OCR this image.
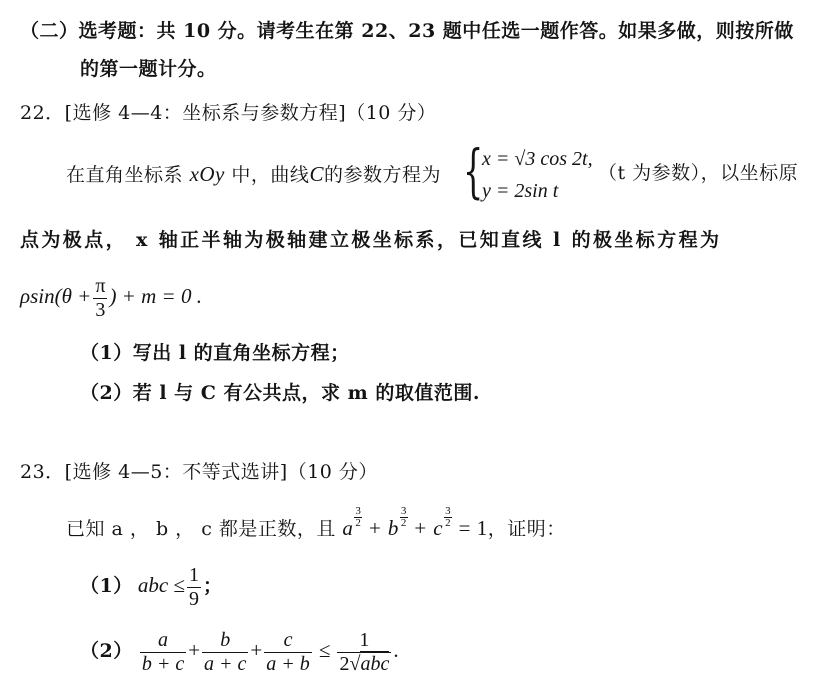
（二）选考题：共 10 分。请考生在第 22、23 题中任选一题作答。如果多做，则按所做
的第一题计分。
22．[选修 4—4：坐标系与参数方程]（10 分）
在直角坐标系 xOy 中，曲线C的参数方程为 {
x = √3 cos 2t,
y = 2sin t
（t 为参数），以坐标原
点为极点， x 轴正半轴为极轴建立极坐标系，已知直线 l 的极坐标方程为
$\rho\sin(\theta + \frac{\pi}{3}$ ) + m = 0 .
（1）写出 l 的直角坐标方程；
（2）若 l 与 C 有公共点，求 m 的取值范围.
23．[选修 4—5：不等式选讲]（10 分）
已知 a ， b ， c 都是正数，且 a $\frac{3}{2} + b \frac{3}{2} + c \frac{3}{2} = 1$，证明：
（1） abc ≤ $\frac{1}{9}$ ；
$(2) \frac{a}{b + c} + \frac{b}{a + c} + \frac{c}{a + b} \le \frac{1}{\text{2√abc}}$ .
